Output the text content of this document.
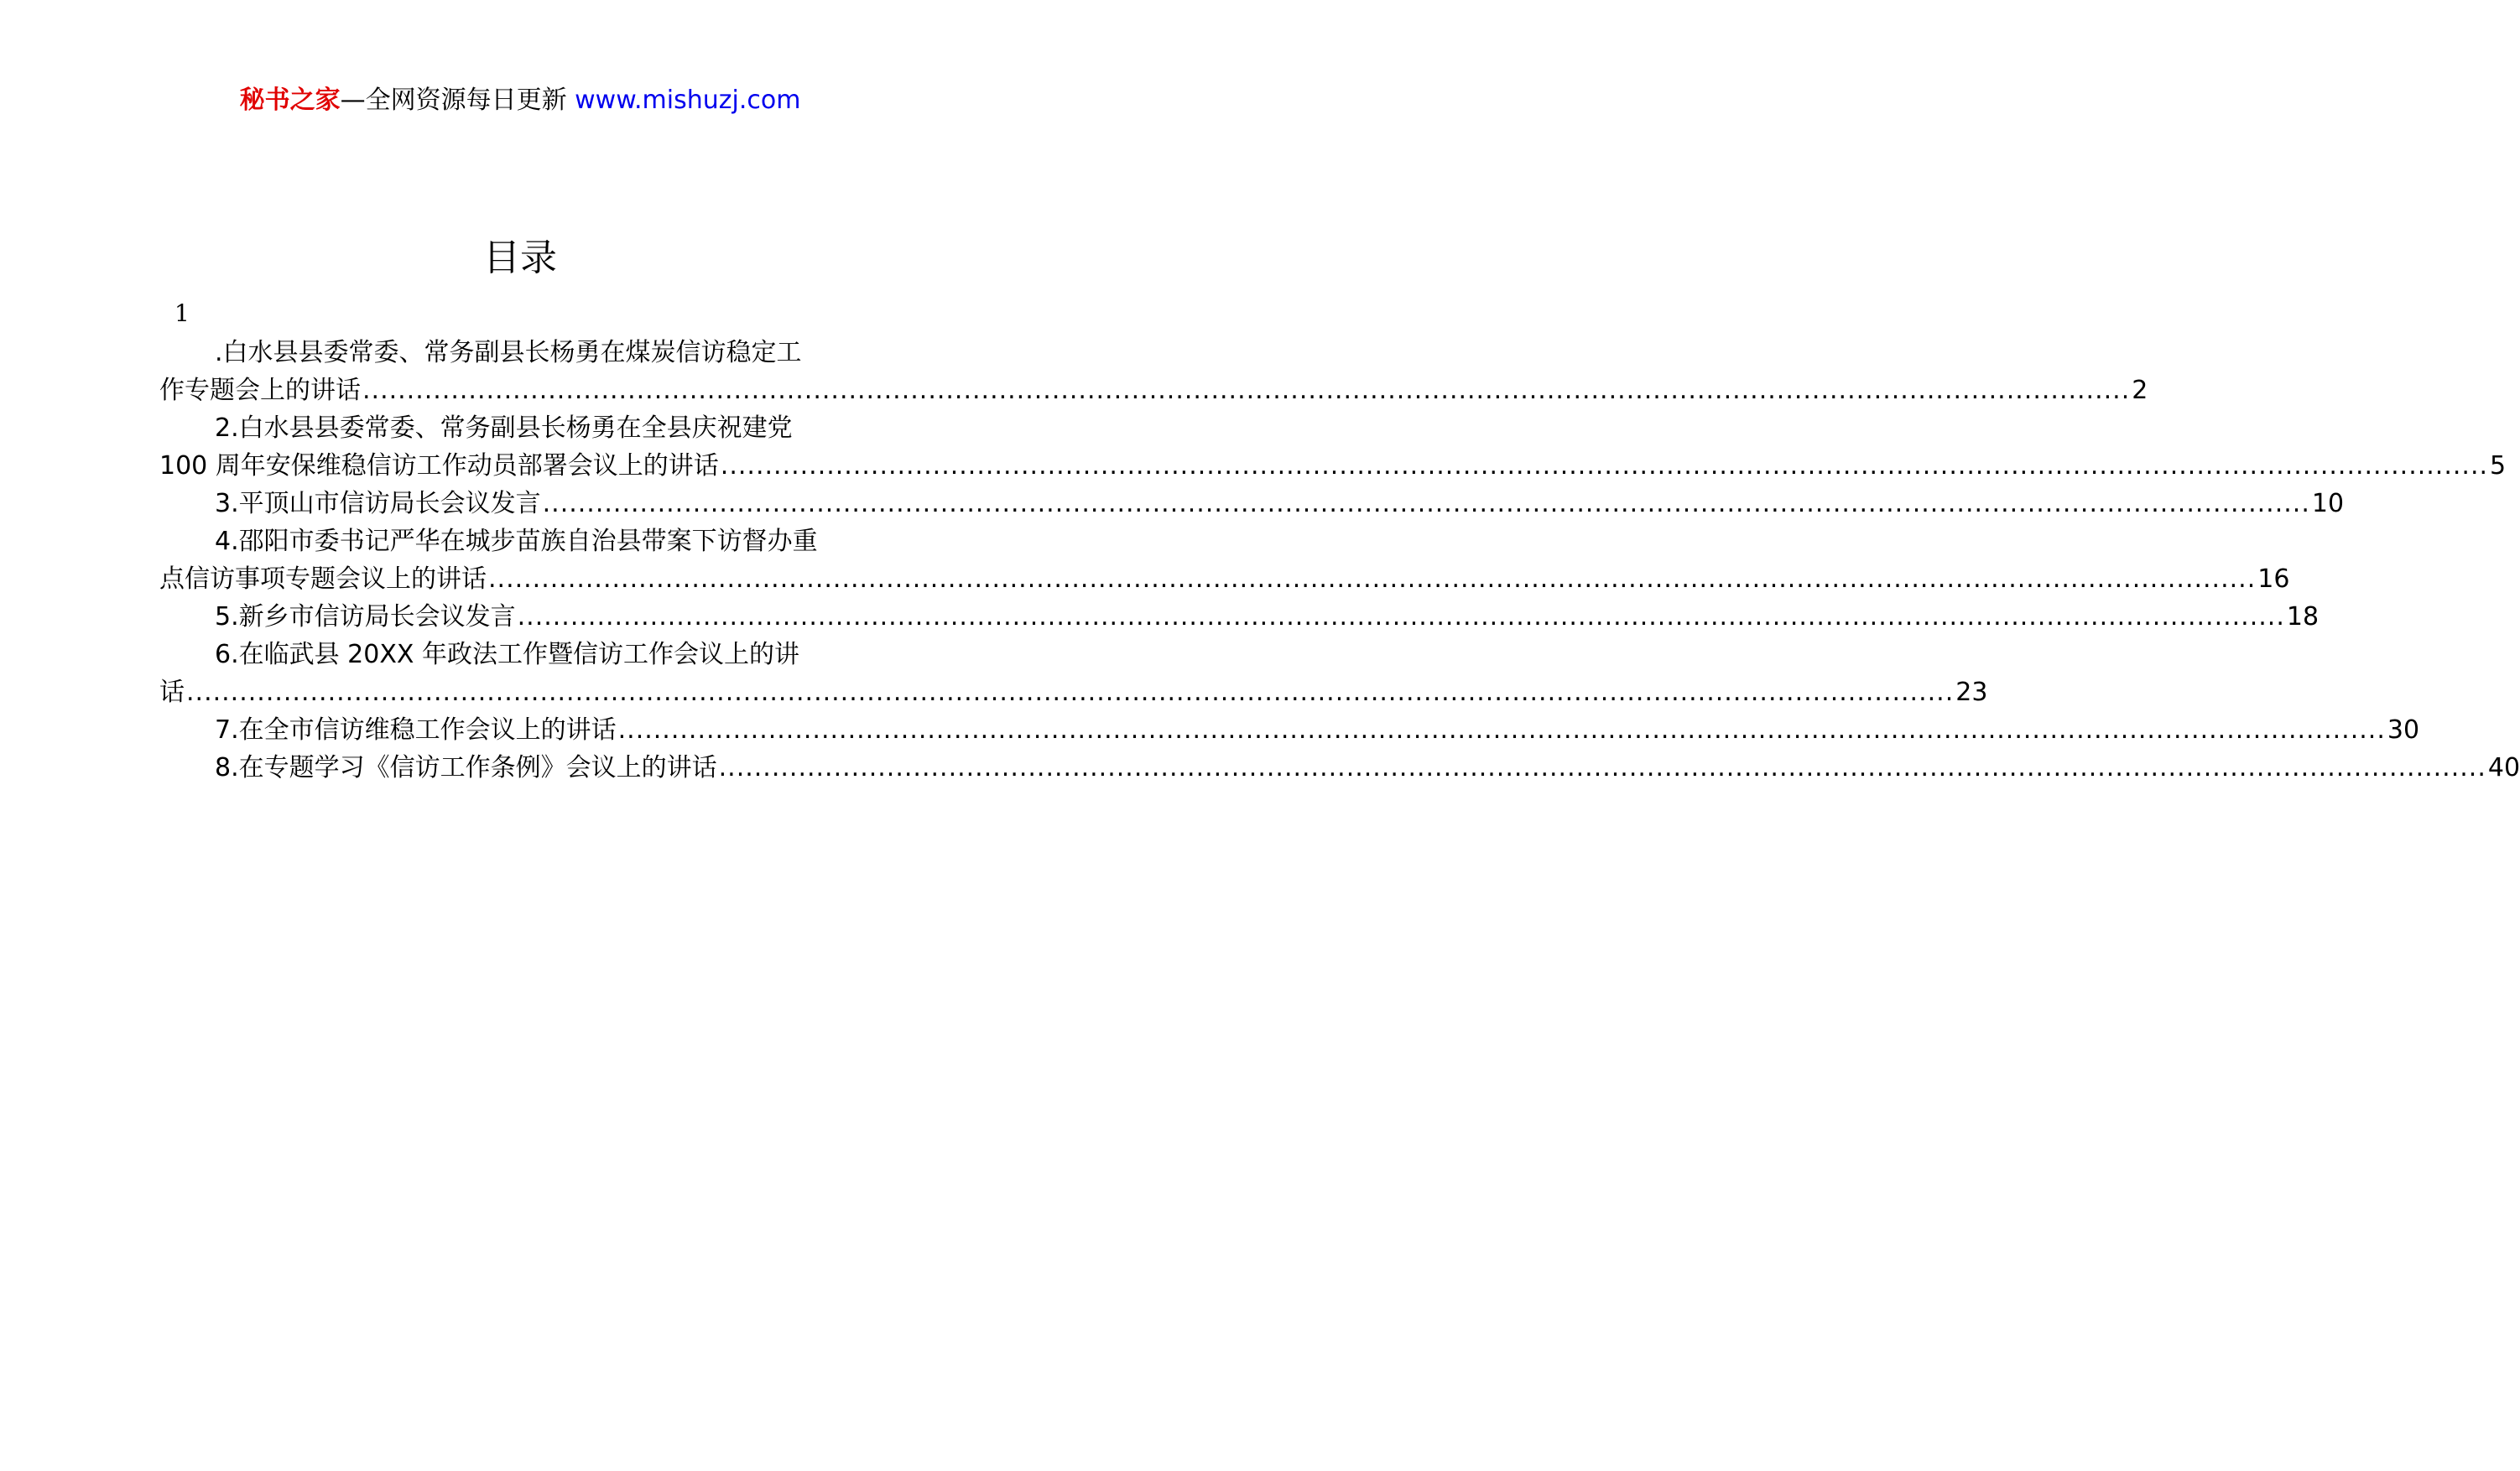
秘书之家—全网资源每日更新 www.mishuzj.com
目录
1
.白水县县委常委、常务副县长杨勇在煤炭信访稳定工
作专题会上的讲话 ........................................................................................................................................................................................................ 2
2.白水县县委常委、常务副县长杨勇在全县庆祝建党
100 周年安保维稳信访工作动员部署会议上的讲话 ........................................................................................................................................................................................................ 5
3.平顶山市信访局长会议发言 ........................................................................................................................................................................................................ 10
4.邵阳市委书记严华在城步苗族自治县带案下访督办重
点信访事项专题会议上的讲话 ........................................................................................................................................................................................................ 16
5.新乡市信访局长会议发言 ........................................................................................................................................................................................................ 18
6.在临武县 20XX 年政法工作暨信访工作会议上的讲
话 ........................................................................................................................................................................................................ 23
7.在全市信访维稳工作会议上的讲话 ........................................................................................................................................................................................................ 30
8.在专题学习《信访工作条例》会议上的讲话 ........................................................................................................................................................................................................ 40
